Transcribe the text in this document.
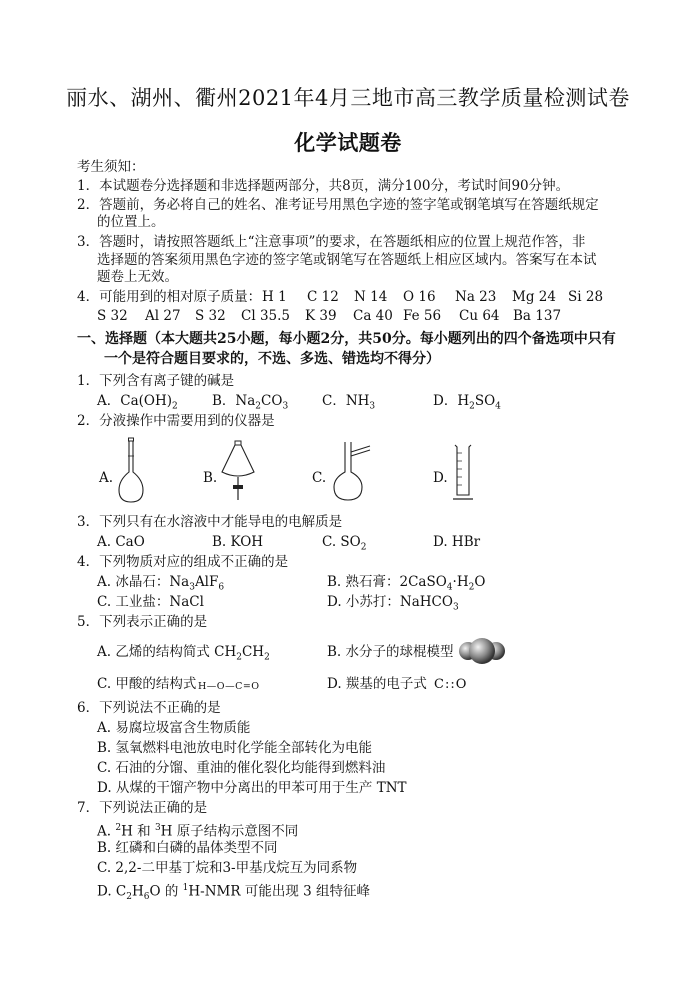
丽水、湖州、衢州2021年4月三地市高三教学质量检测试卷
化学试题卷
考生须知：
1．本试题卷分选择题和非选择题两部分，共8页，满分100分，考试时间90分钟。
2．答题前，务必将自己的姓名、准考证号用黑色字迹的签字笔或钢笔填写在答题纸规定
的位置上。
3．答题时，请按照答题纸上“注意事项”的要求，在答题纸相应的位置上规范作答，非
选择题的答案须用黑色字迹的签字笔或钢笔写在答题纸上相应区域内。答案写在本试
题卷上无效。
4．可能用到的相对原子质量： H 1 C 12 N 14 O 16 Na 23 Mg 24 Si 28
S 32 Al 27 S 32 Cl 35.5 K 39 Ca 40 Fe 56 Cu 64 Ba 137
一、选择题（本大题共25小题，每小题2分，共50分。每小题列出的四个备选项中只有
一个是符合题目要求的，不选、多选、错选均不得分）
1．下列含有离子键的碱是
A．$Ca(OH)_2$	B．$Na_2CO_3$	C．$NH_3$	D．$H_2SO_4$
2．分液操作中需要用到的仪器是
A.	B.	C.	D.
3．下列只有在水溶液中才能导电的电解质是
A. CaO	B. KOH	C. $SO_2$	D. HBr
4．下列物质对应的组成不正确的是
A. 冰晶石：$Na_3AlF_6$	B. 熟石膏：$2CaSO_4\cdot H_2O$
C. 工业盐：NaCl	D. 小苏打：NaHCO$_3$
5．下列表示正确的是
A. 乙烯的结构简式 $CH_2CH_2$	B. 水分子的球棍模型
C. 甲酸的结构式 H—O—C=O	D. 羰基的电子式 C::O
6．下列说法不正确的是
A. 易腐垃圾富含生物质能
B. 氢氧燃料电池放电时化学能全部转化为电能
C. 石油的分馏、重油的催化裂化均能得到燃料油
D. 从煤的干馏产物中分离出的甲苯可用于生产 TNT
7．下列说法正确的是
A. $^2$H 和 $^3$H 原子结构示意图不同
B. 红磷和白磷的晶体类型不同
C. 2,2-二甲基丁烷和3-甲基戊烷互为同系物
D. $C_2H_6O$ 的 $^1$H-NMR 可能出现 3 组特征峰
